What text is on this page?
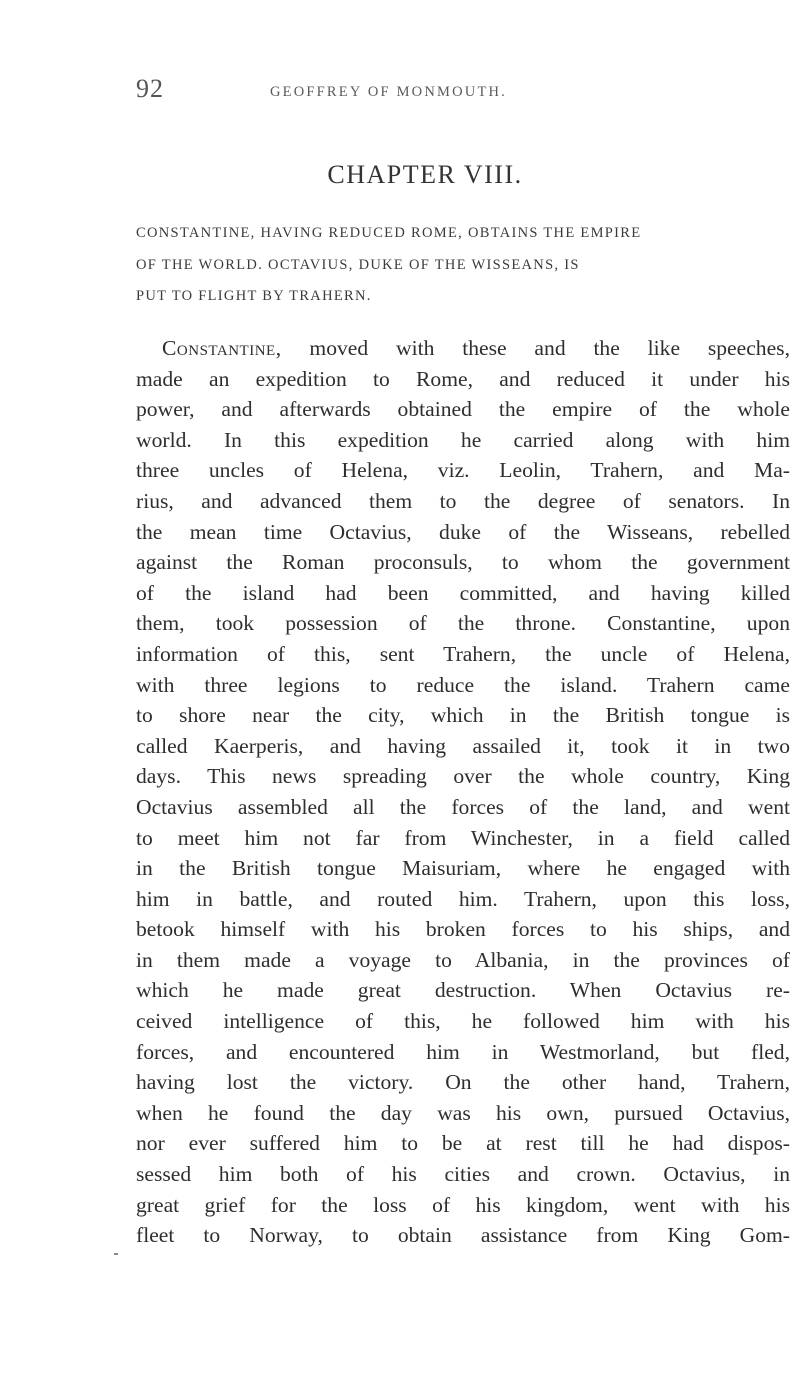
92	GEOFFREY OF MONMOUTH.
CHAPTER VIII.
CONSTANTINE, HAVING REDUCED ROME, OBTAINS THE EMPIRE
OF THE WORLD. OCTAVIUS, DUKE OF THE WISSEANS, IS
PUT TO FLIGHT BY TRAHERN.
Constantine, moved with these and the like speeches,
made an expedition to Rome, and reduced it under his
power, and afterwards obtained the empire of the whole
world. In this expedition he carried along with him
three uncles of Helena, viz. Leolin, Trahern, and Ma-
rius, and advanced them to the degree of senators. In
the mean time Octavius, duke of the Wisseans, rebelled
against the Roman proconsuls, to whom the government
of the island had been committed, and having killed
them, took possession of the throne. Constantine, upon
information of this, sent Trahern, the uncle of Helena,
with three legions to reduce the island. Trahern came
to shore near the city, which in the British tongue is
called Kaerperis, and having assailed it, took it in two
days. This news spreading over the whole country, King
Octavius assembled all the forces of the land, and went
to meet him not far from Winchester, in a field called
in the British tongue Maisuriam, where he engaged with
him in battle, and routed him. Trahern, upon this loss,
betook himself with his broken forces to his ships, and
in them made a voyage to Albania, in the provinces of
which he made great destruction. When Octavius re-
ceived intelligence of this, he followed him with his
forces, and encountered him in Westmorland, but fled,
having lost the victory. On the other hand, Trahern,
when he found the day was his own, pursued Octavius,
nor ever suffered him to be at rest till he had dispos-
sessed him both of his cities and crown. Octavius, in
great grief for the loss of his kingdom, went with his
fleet to Norway, to obtain assistance from King Gom-
